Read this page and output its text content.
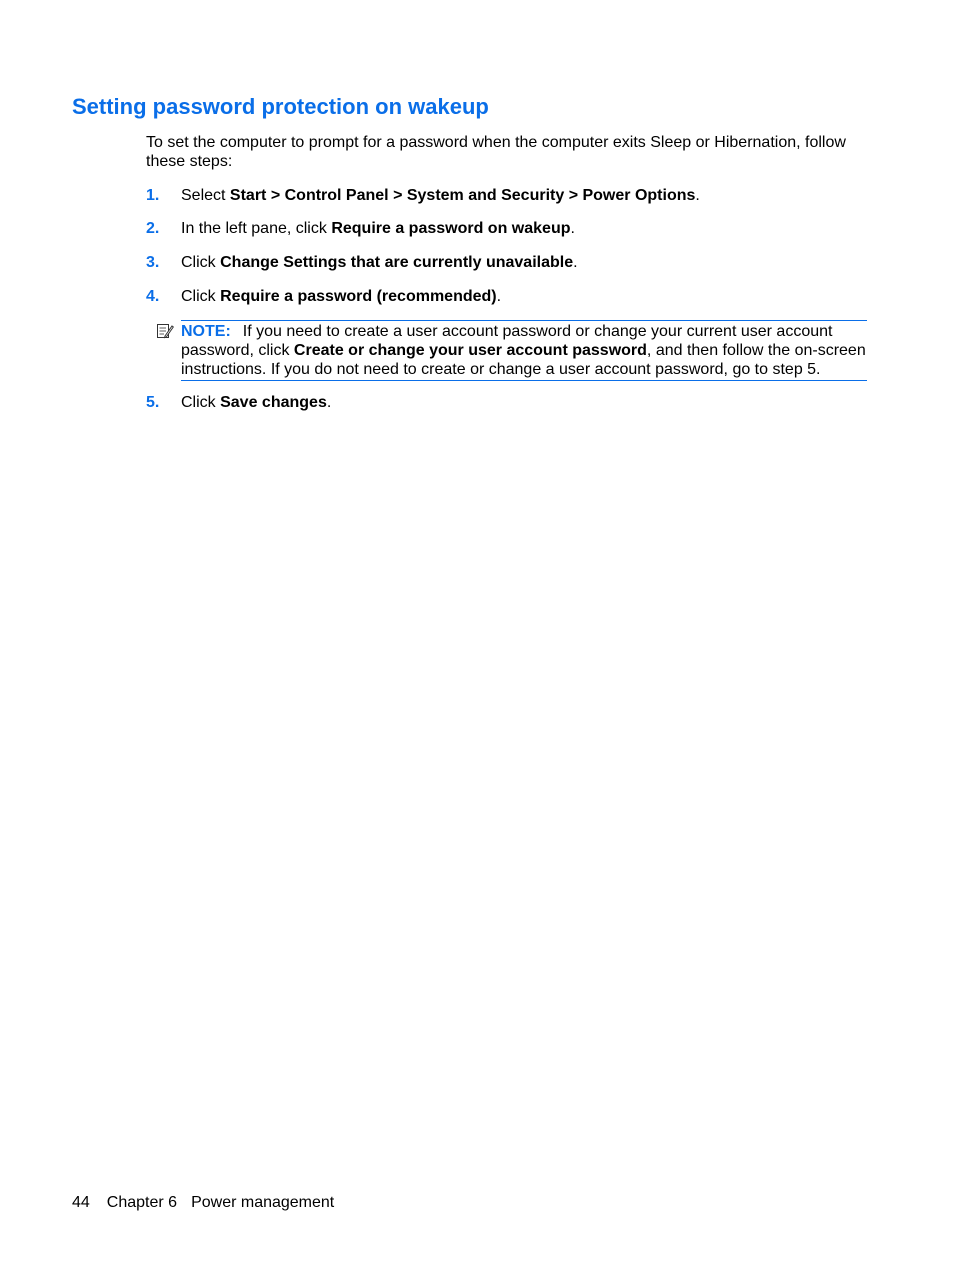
Setting password protection on wakeup

To set the computer to prompt for a password when the computer exits Sleep or Hibernation, follow these steps:

1. Select Start > Control Panel > System and Security > Power Options.
2. In the left pane, click Require a password on wakeup.
3. Click Change Settings that are currently unavailable.
4. Click Require a password (recommended).
NOTE: If you need to create a user account password or change your current user account password, click Create or change your user account password, and then follow the on-screen instructions. If you do not need to create or change a user account password, go to step 5.
5. Click Save changes.
44 Chapter 6 Power management
